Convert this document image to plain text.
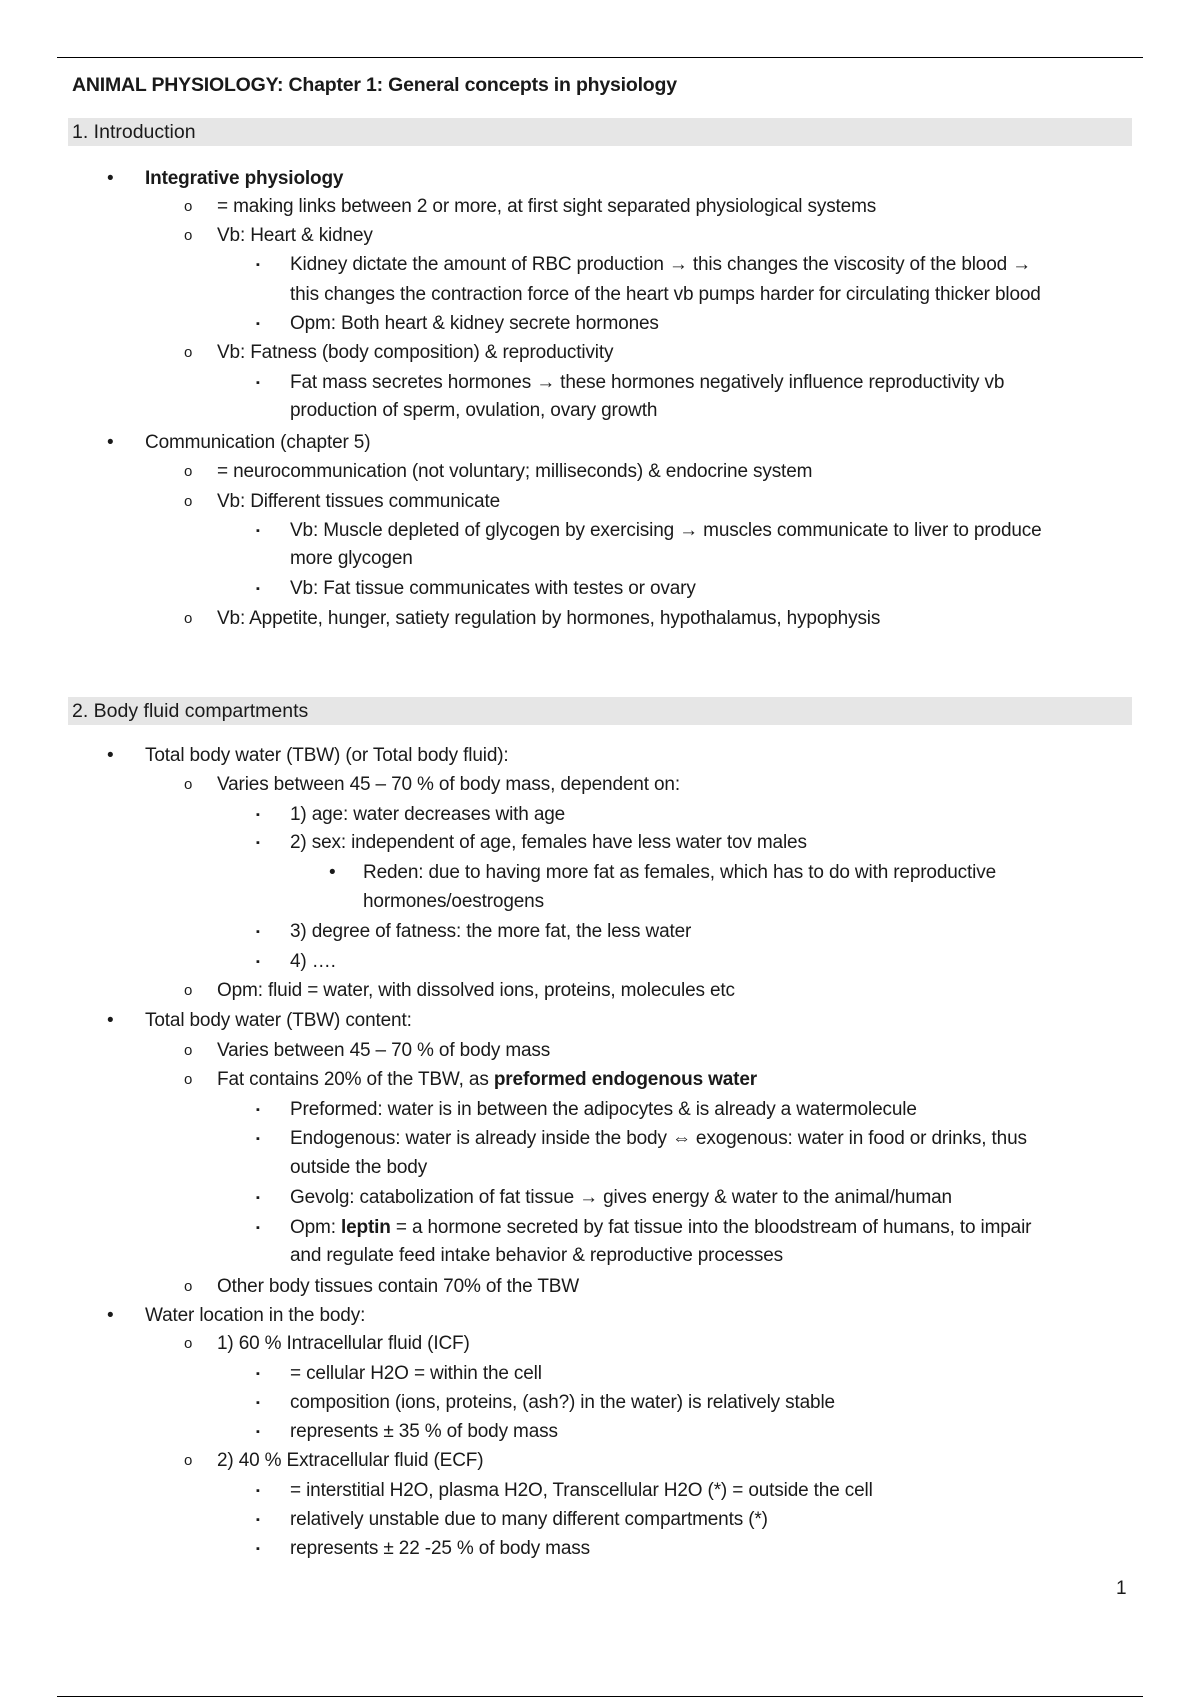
ANIMAL PHYSIOLOGY: Chapter 1: General concepts in physiology
1. Introduction
• Integrative physiology
o = making links between 2 or more, at first sight separated physiological systems
o Vb: Heart & kidney
▪ Kidney dictate the amount of RBC production → this changes the viscosity of the blood →
this changes the contraction force of the heart vb pumps harder for circulating thicker blood
▪ Opm: Both heart & kidney secrete hormones
o Vb: Fatness (body composition) & reproductivity
▪ Fat mass secretes hormones → these hormones negatively influence reproductivity vb
production of sperm, ovulation, ovary growth
• Communication (chapter 5)
o = neurocommunication (not voluntary; milliseconds) & endocrine system
o Vb: Different tissues communicate
▪ Vb: Muscle depleted of glycogen by exercising → muscles communicate to liver to produce
more glycogen
▪ Vb: Fat tissue communicates with testes or ovary
o Vb: Appetite, hunger, satiety regulation by hormones, hypothalamus, hypophysis
2. Body fluid compartments
• Total body water (TBW) (or Total body fluid):
o Varies between 45 – 70 % of body mass, dependent on:
▪ 1) age: water decreases with age
▪ 2) sex: independent of age, females have less water tov males
• Reden: due to having more fat as females, which has to do with reproductive
hormones/oestrogens
▪ 3) degree of fatness: the more fat, the less water
▪ 4) ….
o Opm: fluid = water, with dissolved ions, proteins, molecules etc
• Total body water (TBW) content:
o Varies between 45 – 70 % of body mass
o Fat contains 20% of the TBW, as preformed endogenous water
▪ Preformed: water is in between the adipocytes & is already a watermolecule
▪ Endogenous: water is already inside the body ⇔ exogenous: water in food or drinks, thus
outside the body
▪ Gevolg: catabolization of fat tissue → gives energy & water to the animal/human
▪ Opm: leptin = a hormone secreted by fat tissue into the bloodstream of humans, to impair
and regulate feed intake behavior & reproductive processes
o Other body tissues contain 70% of the TBW
• Water location in the body:
o 1) 60 % Intracellular fluid (ICF)
▪ = cellular H2O = within the cell
▪ composition (ions, proteins, (ash?) in the water) is relatively stable
▪ represents ± 35 % of body mass
o 2) 40 % Extracellular fluid (ECF)
▪ = interstitial H2O, plasma H2O, Transcellular H2O (*) = outside the cell
▪ relatively unstable due to many different compartments (*)
▪ represents ± 22 -25 % of body mass
1
